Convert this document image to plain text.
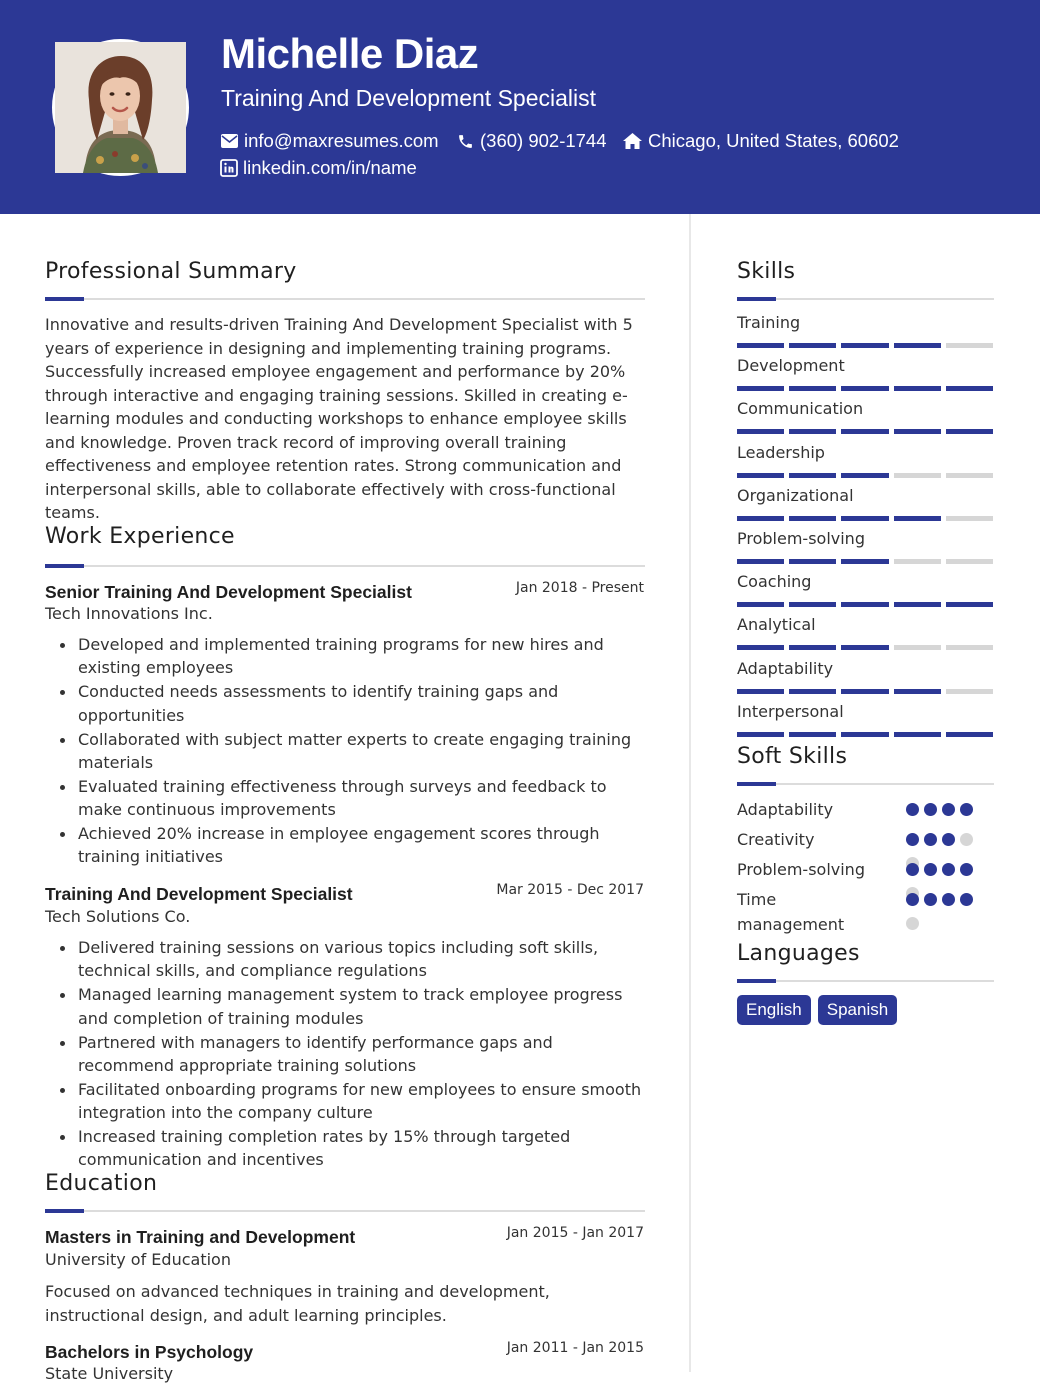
Michelle Diaz
Training And Development Specialist
info@maxresumes.com (360) 902-1744 Chicago, United States, 60602
linkedin.com/in/name
Professional Summary
Innovative and results-driven Training And Development Specialist with 5 years of experience in designing and implementing training programs. Successfully increased employee engagement and performance by 20% through interactive and engaging training sessions. Skilled in creating e-learning modules and conducting workshops to enhance employee skills and knowledge. Proven track record of improving overall training effectiveness and employee retention rates. Strong communication and interpersonal skills, able to collaborate effectively with cross-functional teams.
Work Experience
Senior Training And Development Specialist	Jan 2018 - Present
Tech Innovations Inc.
Developed and implemented training programs for new hires and existing employees
Conducted needs assessments to identify training gaps and opportunities
Collaborated with subject matter experts to create engaging training materials
Evaluated training effectiveness through surveys and feedback to make continuous improvements
Achieved 20% increase in employee engagement scores through training initiatives
Training And Development Specialist	Mar 2015 - Dec 2017
Tech Solutions Co.
Delivered training sessions on various topics including soft skills, technical skills, and compliance regulations
Managed learning management system to track employee progress and completion of training modules
Partnered with managers to identify performance gaps and recommend appropriate training solutions
Facilitated onboarding programs for new employees to ensure smooth integration into the company culture
Increased training completion rates by 15% through targeted communication and incentives
Education
Masters in Training and Development	Jan 2015 - Jan 2017
University of Education
Focused on advanced techniques in training and development, instructional design, and adult learning principles.
Bachelors in Psychology	Jan 2011 - Jan 2015
State University
Skills
Training
Development
Communication
Leadership
Organizational
Problem-solving
Coaching
Analytical
Adaptability
Interpersonal
Soft Skills
Adaptability
Creativity
Problem-solving
Time management
Languages
English	Spanish
